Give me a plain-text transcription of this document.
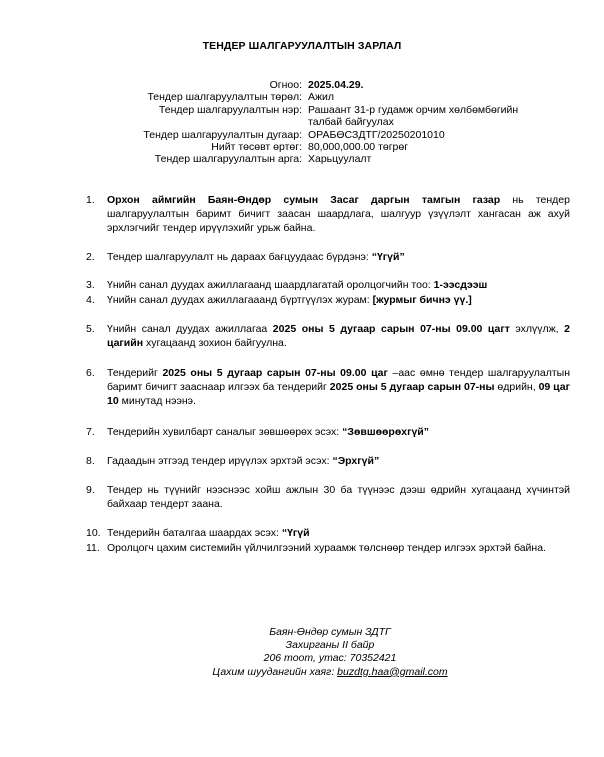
ТЕНДЕР ШАЛГАРУУЛАЛТЫН ЗАРЛАЛ
Огноо: 2025.04.29.
Тендер шалгаруулалтын төрөл: Ажил
Тендер шалгаруулалтын нэр: Рашаант 31-р гудамж орчим хөлбөмбөгийн
талбай байгуулах
Тендер шалгаруулалтын дугаар: ОРАБӨСЗДТГ/20250201010
Нийт төсөвт өртөг: 80,000,000.00 төгрөг
Тендер шалгаруулалтын арга: Харьцуулалт
1.	Орхон аймгийн Баян-Өндөр сумын Засаг даргын тамгын газар нь тендер шалгаруулалтын баримт бичигт заасан шаардлага, шалгуур үзүүлэлт хангасан аж ахуй эрхлэгчийг тендер ирүүлэхийг урьж байна.
2.	Тендер шалгаруулалт нь дараах бағцуудаас бүрдэнэ: “Үгүй”
3.	Үнийн санал дуудах ажиллагаанд шаардлагатай оролцогчийн тоо: 1-ээсдээш
4.	Үнийн санал дуудах ажиллагааанд бүртгүүлэх журам: [журмыг бичнэ үү.]
5.	Үнийн санал дуудах ажиллагаа 2025 оны 5 дугаар сарын 07-ны 09.00 цагт эхлүүлж, 2 цагийн хугацаанд зохион байгуулна.
6.	Тендерийг 2025 оны 5 дугаар сарын 07-ны 09.00 цаг –аас өмнө тендер шалгаруулалтын баримт бичигт зааснаар илгээх ба тендерийг 2025 оны 5 дугаар сарын 07-ны өдрийн, 09 цаг 10 минутад нээнэ.
7.	Тендерийн хувилбарт саналыг зөвшөөрөх эсэх: “Зөвшөөрөхгүй”
8.	Гадаадын этгээд тендер ирүүлэх эрхтэй эсэх: “Эрхгүй”
9.	Тендер нь түүнийг нээснээс хойш ажлын 30 ба түүнээс дээш өдрийн хугацаанд хүчинтэй байхаар тендерт заана.
10. Тендерийн баталгаа шаардах эсэх: “Үгүй
11. Оролцогч цахим системийн үйлчилгээний хураамж төлснөөр тендер илгээх эрхтэй байна.
Баян-Өндөр сумын ЗДТГ
Захирганы II байр
206 тоот, утас: 70352421
Цахим шуудангийн хаяг: buzdtg.haa@gmail.com
